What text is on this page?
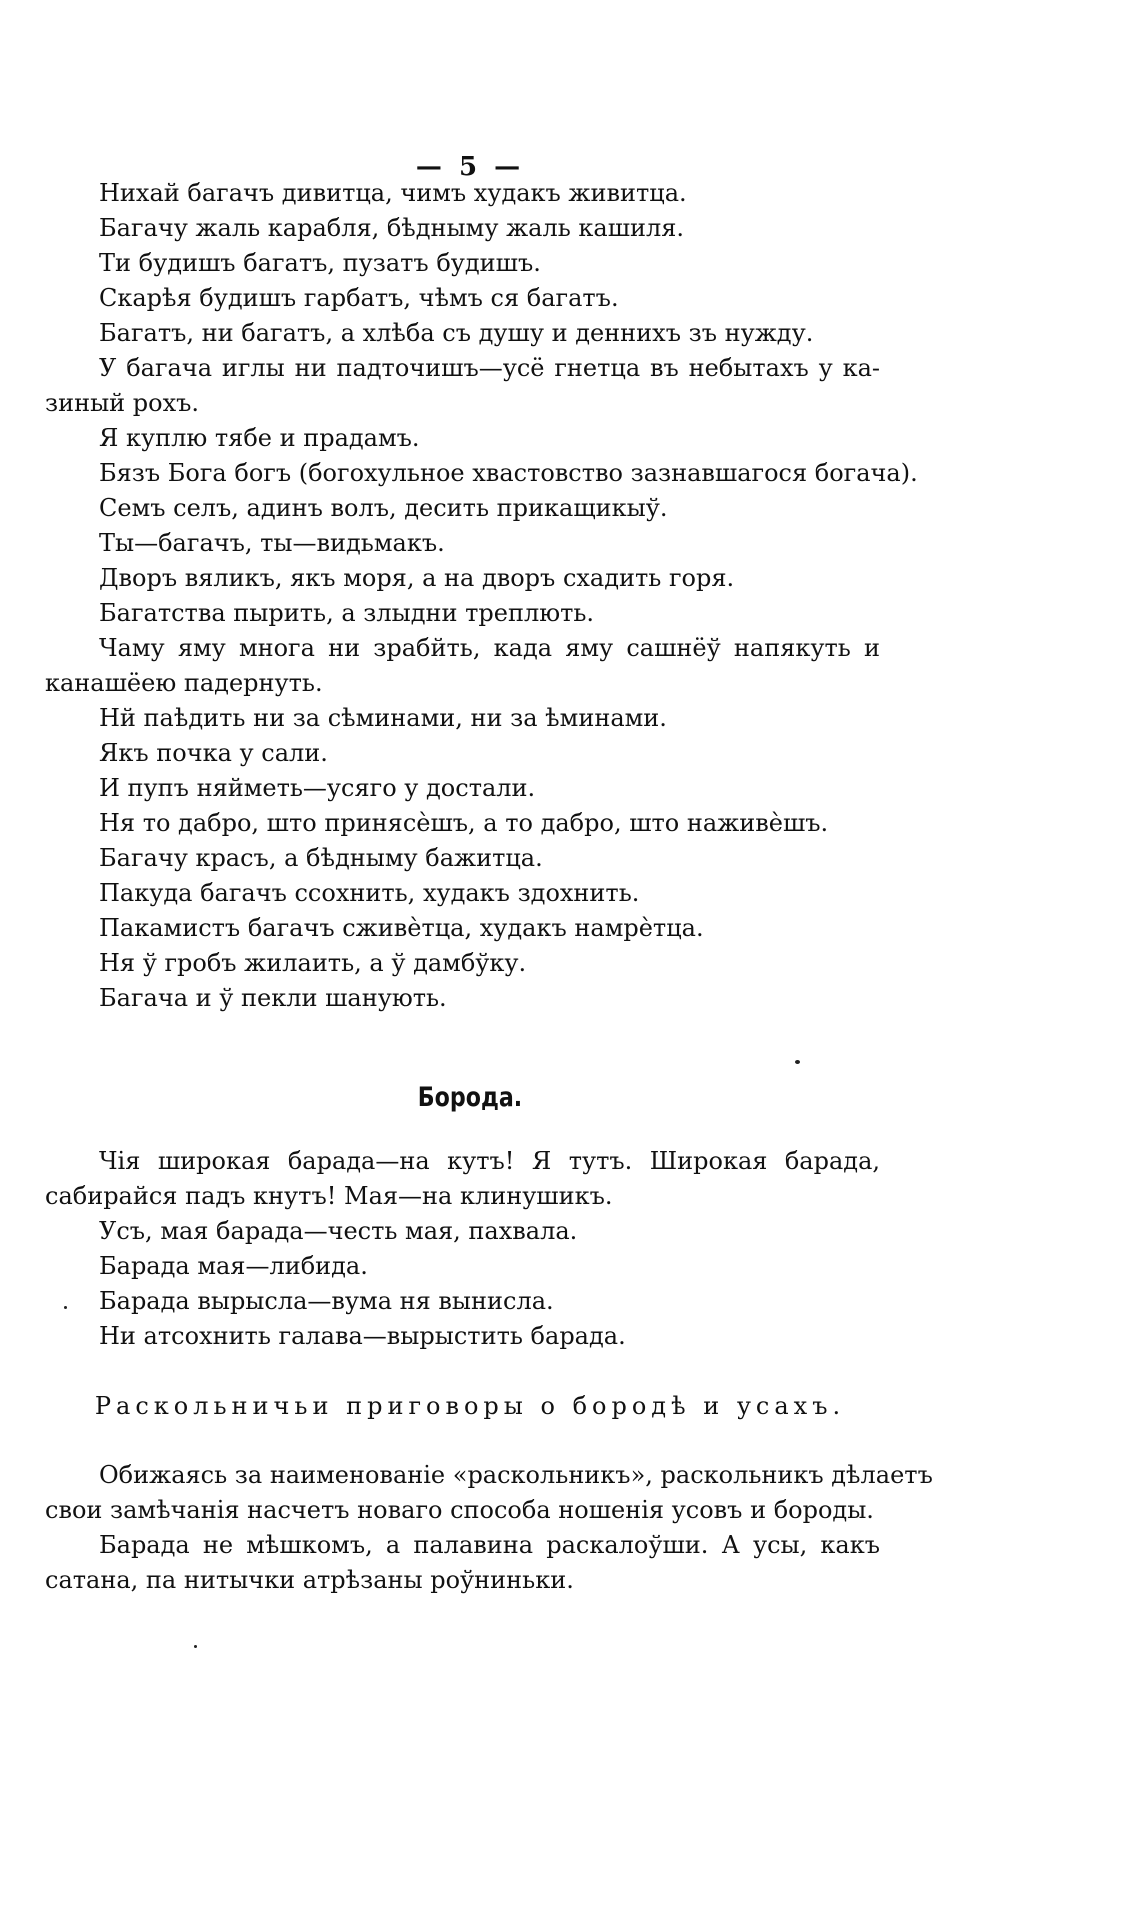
— 5 —

Нихай багачъ дивитца, чимъ худакъ живитца.

Багачу жаль карабля, бѣдныму жаль кашиля.

Ти будишъ багатъ, пузатъ будишъ.

Скарѣя будишъ гарбатъ, чѣмъ ся багатъ.

Багатъ, ни багатъ, а хлѣба съ душу и деннихъ зъ нужду.

У багача иглы ни падточишъ—усё гнетца въ небытахъ у ка-
зиный рохъ.

Я куплю тябе и прадамъ.

Бязъ Бога богъ (богохульное хвастовство зазнавшагося богача).

Семъ селъ, адинъ волъ, десить прикащикыў.

Ты—багачъ, ты—видьмакъ.

Дворъ вяликъ, якъ моря, а на дворъ схадить горя.

Багатства пырить, а злыдни треплють.

Чаму яму многа ни зрабйть, када яму сашнёў напякуть и
канашёею падернуть.

Нй паѣдить ни за сѣминами, ни за ѣминами.

Якъ почка у сали.

И пупъ няйметь—усяго у достали.

Ня то дабро, што принясѐшъ, а то дабро, што наживѐшъ.

Багачу красъ, а бѣдныму бажитца.

Пакуда багачъ ссохнить, худакъ здохнить.

Пакамистъ багачъ сживѐтца, худакъ намрѐтца.

Ня ў гробъ жилаить, а ў дамбўку.

Багача и ў пекли шанують.

Борода.

Чія широкая барада—на кутъ! Я тутъ. Широкая барада,
сабирайся падъ кнутъ! Мая—на клинушикъ.

Усъ, мая барада—честь мая, пахвала.

Барада мая—либида.

Барада вырысла—вума ня вынисла.

Ни атсохнить галава—вырыстить барада.

Раскольничьи приговоры о бородѣ и усахъ.

Обижаясь за наименованіе «раскольникъ», раскольникъ дѣлаетъ
свои замѣчанія насчетъ новаго способа ношенія усовъ и бороды.

Барада не мѣшкомъ, а палавина раскалоўши. А усы, какъ
сатана, па нитычки атрѣзаны роўниньки.
